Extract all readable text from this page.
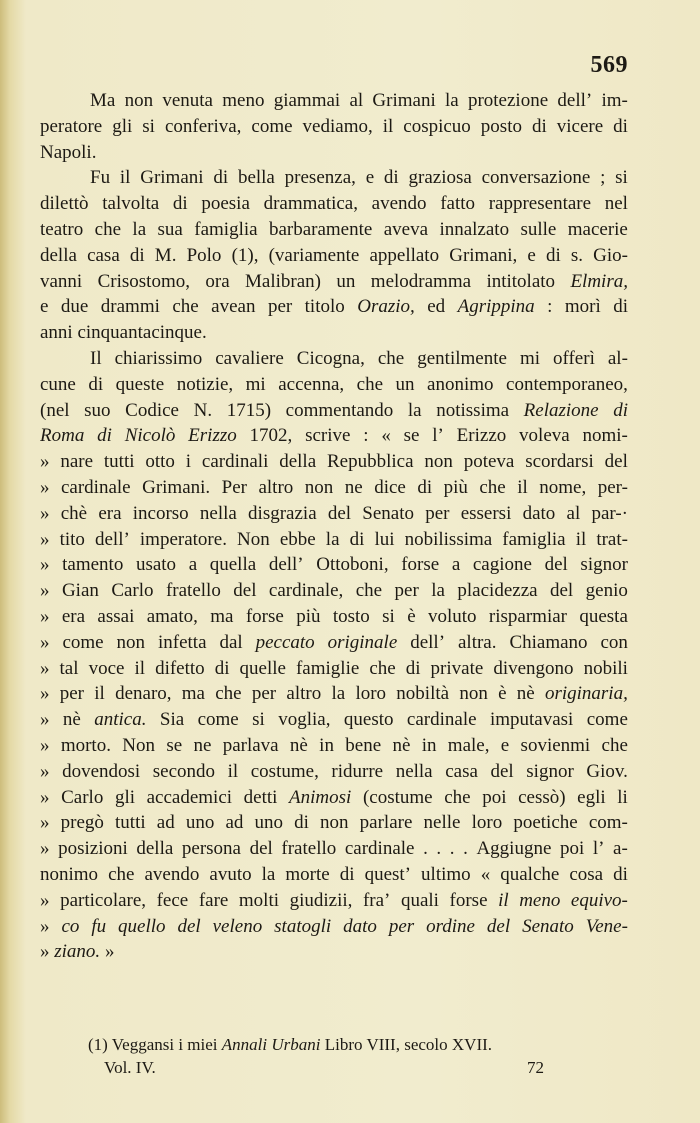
569
Ma non venuta meno giammai al Grimani la protezione dell’ im-
peratore gli si conferiva, come vediamo, il cospicuo posto di vicere di
Napoli.
Fu il Grimani di bella presenza, e di graziosa conversazione ; si
dilettò talvolta di poesia drammatica, avendo fatto rappresentare nel
teatro che la sua famiglia barbaramente aveva innalzato sulle macerie
della casa di M. Polo (1), (variamente appellato Grimani, e di s. Gio-
vanni Crisostomo, ora Malibran) un melodramma intitolato Elmira,
e due drammi che avean per titolo Orazio, ed Agrippina : morì di
anni cinquantacinque.
Il chiarissimo cavaliere Cicogna, che gentilmente mi offerì al-
cune di queste notizie, mi accenna, che un anonimo contemporaneo,
(nel suo Codice N. 1715) commentando la notissima Relazione di
Roma di Nicolò Erizzo 1702, scrive : « se l’ Erizzo voleva nomi-
» nare tutti otto i cardinali della Repubblica non poteva scordarsi del
» cardinale Grimani. Per altro non ne dice di più che il nome, per-
» chè era incorso nella disgrazia del Senato per essersi dato al par-·
» tito dell’ imperatore. Non ebbe la di lui nobilissima famiglia il trat-
» tamento usato a quella dell’ Ottoboni, forse a cagione del signor
» Gian Carlo fratello del cardinale, che per la placidezza del genio
» era assai amato, ma forse più tosto si è voluto risparmiar questa
» come non infetta dal peccato originale dell’ altra. Chiamano con
» tal voce il difetto di quelle famiglie che di private divengono nobili
» per il denaro, ma che per altro la loro nobiltà non è nè originaria,
» nè antica. Sia come si voglia, questo cardinale imputavasi come
» morto. Non se ne parlava nè in bene nè in male, e sovienmi che
» dovendosi secondo il costume, ridurre nella casa del signor Giov.
» Carlo gli accademici detti Animosi (costume che poi cessò) egli li
» pregò tutti ad uno ad uno di non parlare nelle loro poetiche com-
» posizioni della persona del fratello cardinale . . . . Aggiugne poi l’ a-
nonimo che avendo avuto la morte di quest’ ultimo « qualche cosa di
» particolare, fece fare molti giudizii, fra’ quali forse il meno equivo-
» co fu quello del veleno statogli dato per ordine del Senato Vene-
» ziano. »
(1) Veggansi i miei Annali Urbani Libro VIII, secolo XVII.
Vol. IV.	72
